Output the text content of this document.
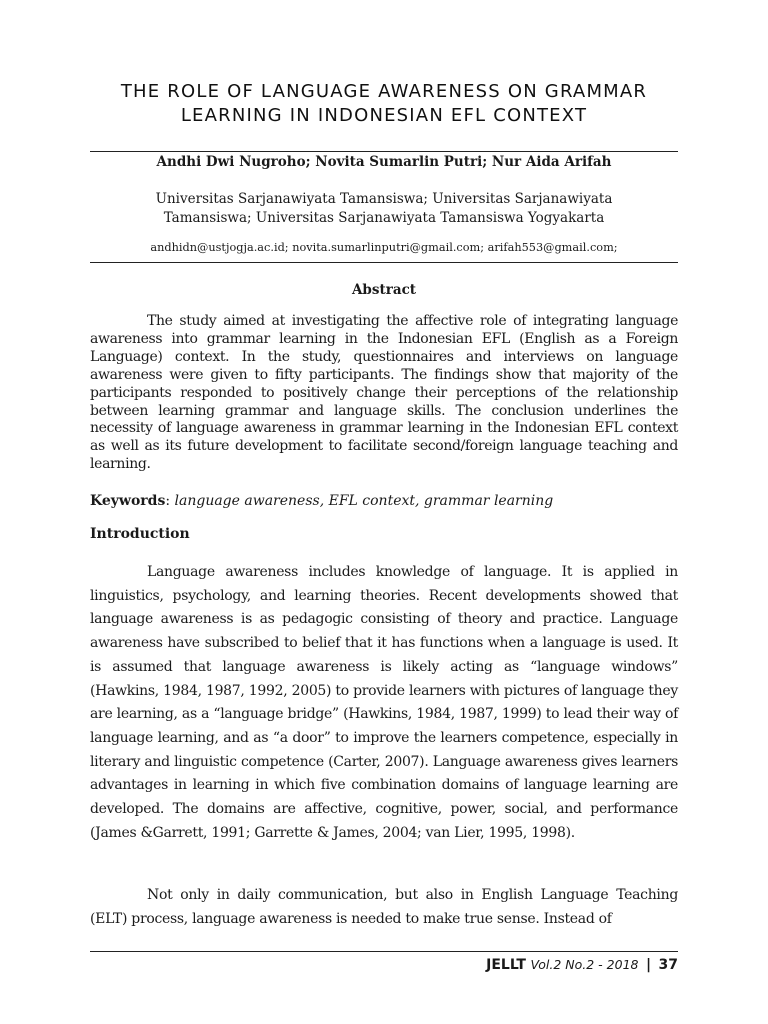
THE ROLE OF LANGUAGE AWARENESS ON GRAMMAR
LEARNING IN INDONESIAN EFL CONTEXT
Andhi Dwi Nugroho; Novita Sumarlin Putri; Nur Aida Arifah
Universitas Sarjanawiyata Tamansiswa; Universitas Sarjanawiyata
Tamansiswa; Universitas Sarjanawiyata Tamansiswa Yogyakarta
andhidn@ustjogja.ac.id; novita.sumarlinputri@gmail.com; arifah553@gmail.com;
Abstract
The study aimed at investigating the affective role of integrating language awareness into grammar learning in the Indonesian EFL (English as a Foreign Language) context. In the study, questionnaires and interviews on language awareness were given to fifty participants. The findings show that majority of the participants responded to positively change their perceptions of the relationship between learning grammar and language skills. The conclusion underlines the necessity of language awareness in grammar learning in the Indonesian EFL context as well as its future development to facilitate second/foreign language teaching and learning.
Keywords: language awareness, EFL context, grammar learning
Introduction
Language awareness includes knowledge of language. It is applied in linguistics, psychology, and learning theories. Recent developments showed that language awareness is as pedagogic consisting of theory and practice. Language awareness have subscribed to belief that it has functions when a language is used. It is assumed that language awareness is likely acting as “language windows” (Hawkins, 1984, 1987, 1992, 2005) to provide learners with pictures of language they are learning, as a “language bridge” (Hawkins, 1984, 1987, 1999) to lead their way of language learning, and as “a door” to improve the learners competence, especially in literary and linguistic competence (Carter, 2007). Language awareness gives learners advantages in learning in which five combination domains of language learning are developed. The domains are affective, cognitive, power, social, and performance (James &Garrett, 1991; Garrette & James, 2004; van Lier, 1995, 1998).
Not only in daily communication, but also in English Language Teaching (ELT) process, language awareness is needed to make true sense. Instead of
JELLT Vol.2 No.2 - 2018 | 37
